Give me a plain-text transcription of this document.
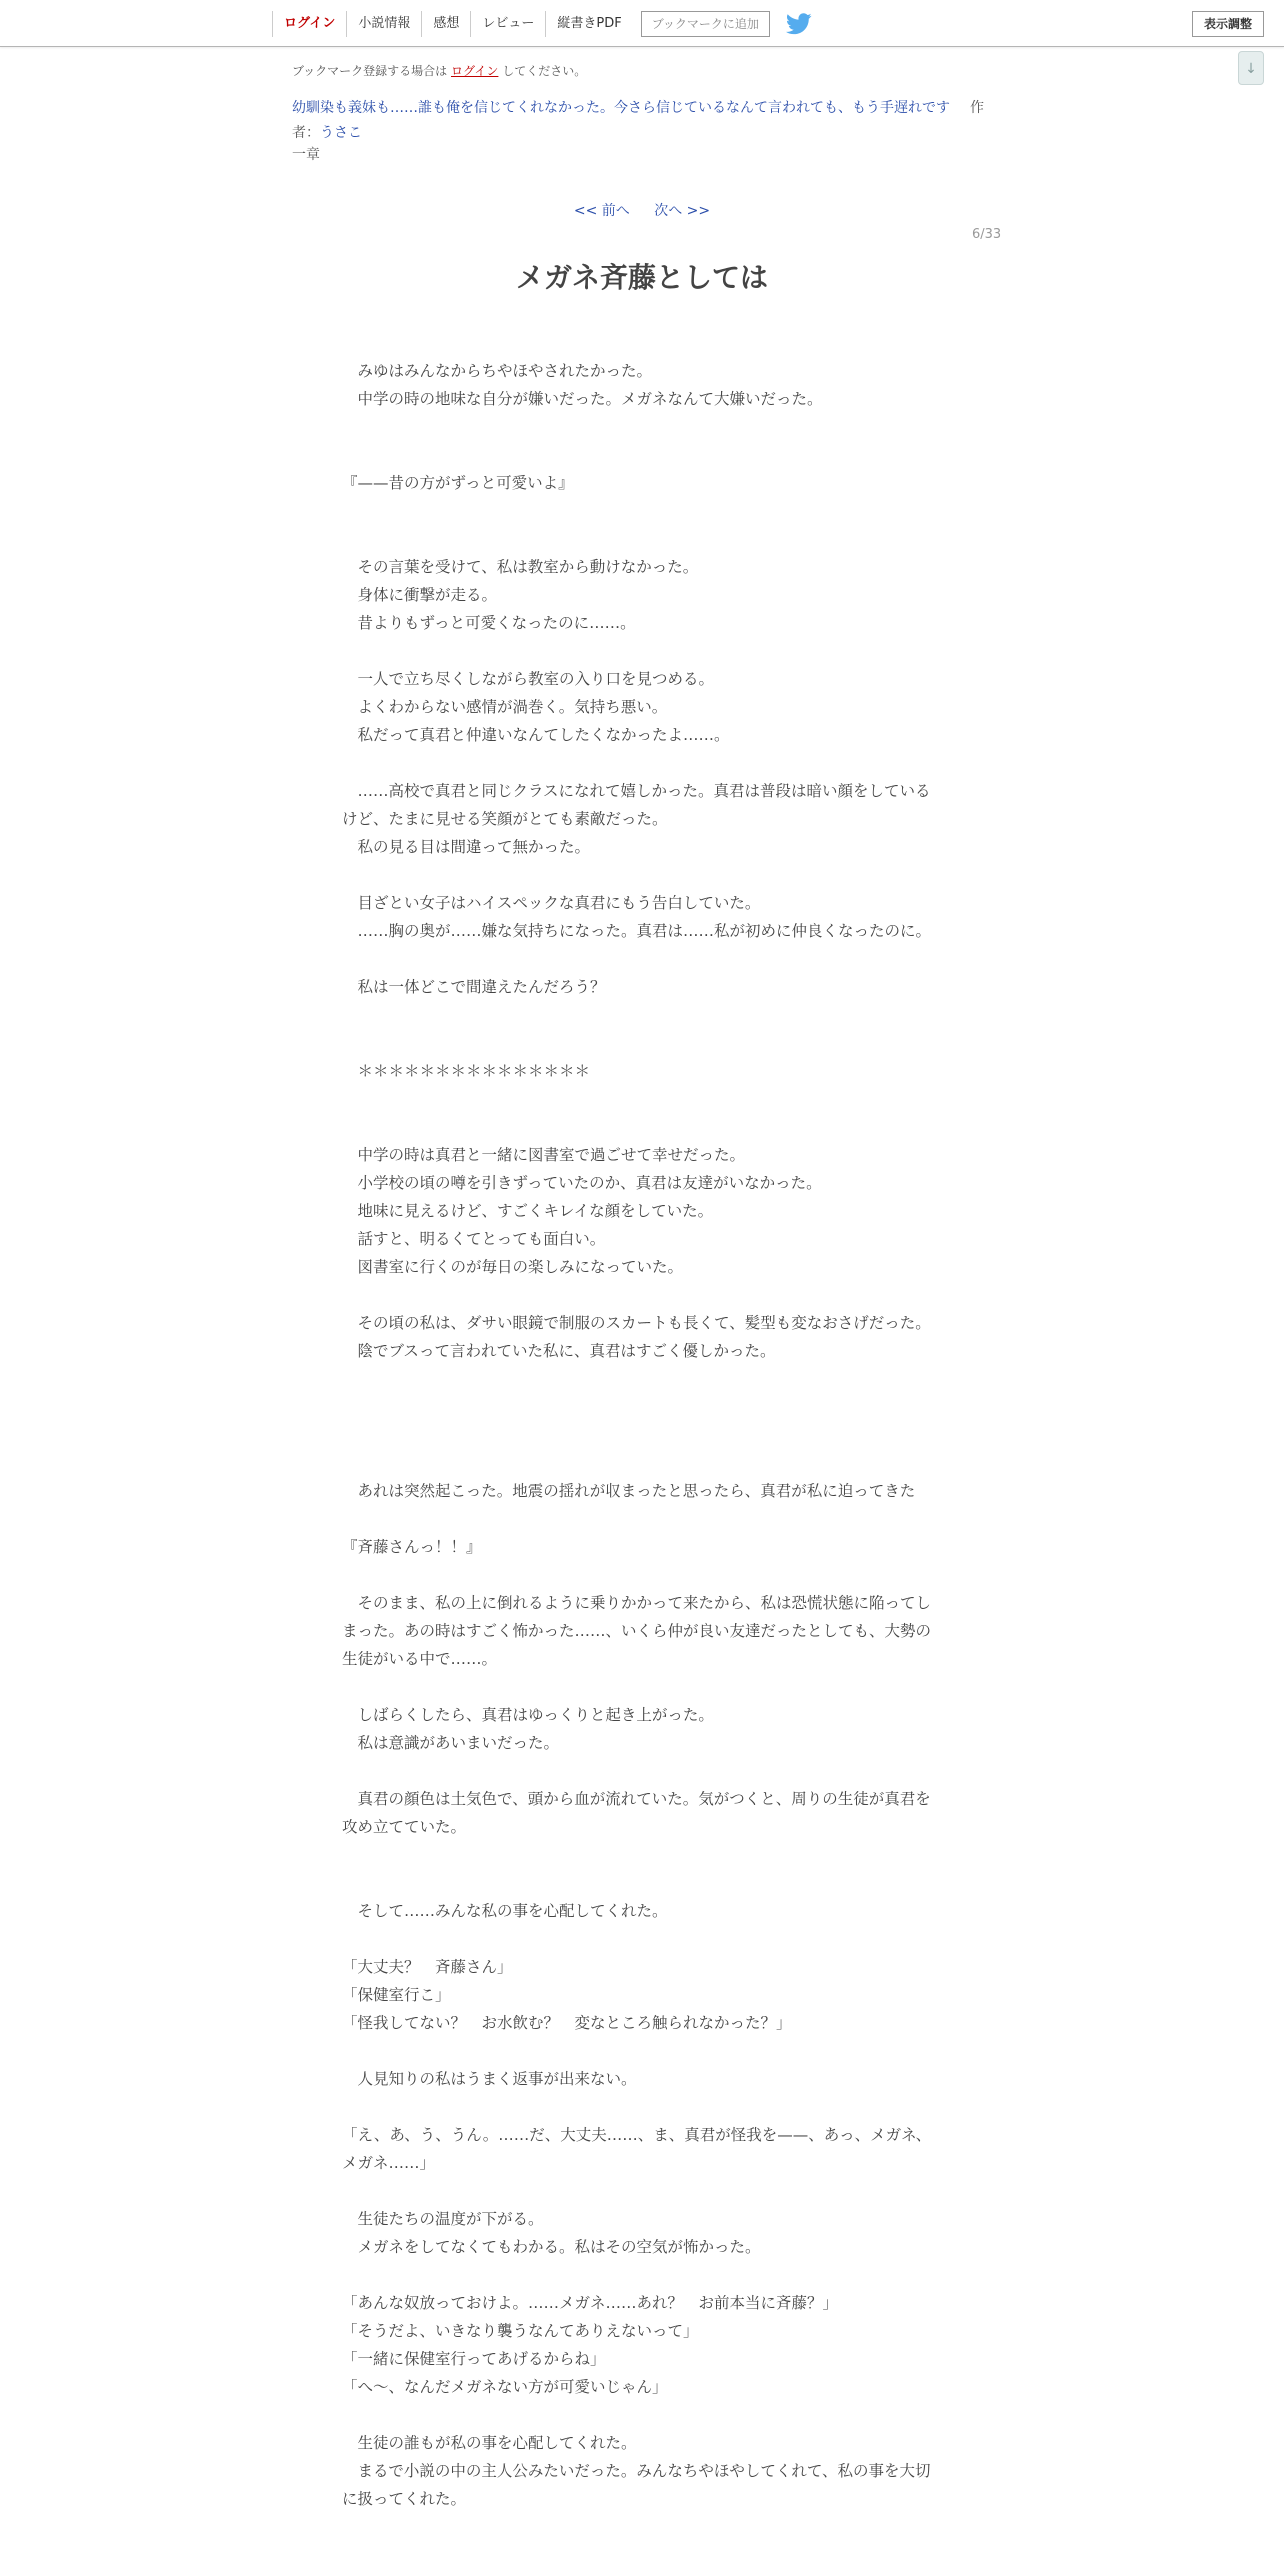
ログイン	小説情報	感想	レビュー	縦書きPDF	ブックマークに追加	表示調整
↓
ブックマーク登録する場合は ログイン してください。
幼馴染も義妹も……誰も俺を信じてくれなかった。今さら信じているなんて言われても、もう手遅れです 作者：うさこ
一章
<< 前へ 次へ >>
6/33
メガネ斉藤としては

　みゆはみんなからちやほやされたかった。

　中学の時の地味な自分が嫌いだった。メガネなんて大嫌いだった。

『——昔の方がずっと可愛いよ』

　その言葉を受けて、私は教室から動けなかった。

　身体に衝撃が走る。

　昔よりもずっと可愛くなったのに……。

　一人で立ち尽くしながら教室の入り口を見つめる。

　よくわからない感情が渦巻く。気持ち悪い。

　私だって真君と仲違いなんてしたくなかったよ……。

　……高校で真君と同じクラスになれて嬉しかった。真君は普段は暗い顔をしているけど、たまに見せる笑顔がとても素敵だった。

　私の見る目は間違って無かった。

　目ざとい女子はハイスペックな真君にもう告白していた。

　……胸の奥が……嫌な気持ちになった。真君は……私が初めに仲良くなったのに。

　私は一体どこで間違えたんだろう？

　＊＊＊＊＊＊＊＊＊＊＊＊＊＊＊

　中学の時は真君と一緒に図書室で過ごせて幸せだった。

　小学校の頃の噂を引きずっていたのか、真君は友達がいなかった。

　地味に見えるけど、すごくキレイな顔をしていた。

　話すと、明るくてとっても面白い。

　図書室に行くのが毎日の楽しみになっていた。

　その頃の私は、ダサい眼鏡で制服のスカートも長くて、髪型も変なおさげだった。

　陰でブスって言われていた私に、真君はすごく優しかった。

　あれは突然起こった。地震の揺れが収まったと思ったら、真君が私に迫ってきた

『斉藤さんっ！！』

　そのまま、私の上に倒れるように乗りかかって来たから、私は恐慌状態に陥ってしまった。あの時はすごく怖かった……、いくら仲が良い友達だったとしても、大勢の生徒がいる中で……。

　しばらくしたら、真君はゆっくりと起き上がった。

　私は意識があいまいだった。

　真君の顔色は土気色で、頭から血が流れていた。気がつくと、周りの生徒が真君を攻め立てていた。

　そして……みんな私の事を心配してくれた。

「大丈夫？　斉藤さん」

「保健室行こ」

「怪我してない？　お水飲む？　変なところ触られなかった？」

　人見知りの私はうまく返事が出来ない。

「え、あ、う、うん。……だ、大丈夫……、ま、真君が怪我を——、あっ、メガネ、メガネ……」

　生徒たちの温度が下がる。

　メガネをしてなくてもわかる。私はその空気が怖かった。

「あんな奴放っておけよ。……メガネ……あれ？　お前本当に斉藤？」

「そうだよ、いきなり襲うなんてありえないって」

「一緒に保健室行ってあげるからね」

「へ〜、なんだメガネない方が可愛いじゃん」

　生徒の誰もが私の事を心配してくれた。

　まるで小説の中の主人公みたいだった。みんなちやほやしてくれて、私の事を大切に扱ってくれた。
